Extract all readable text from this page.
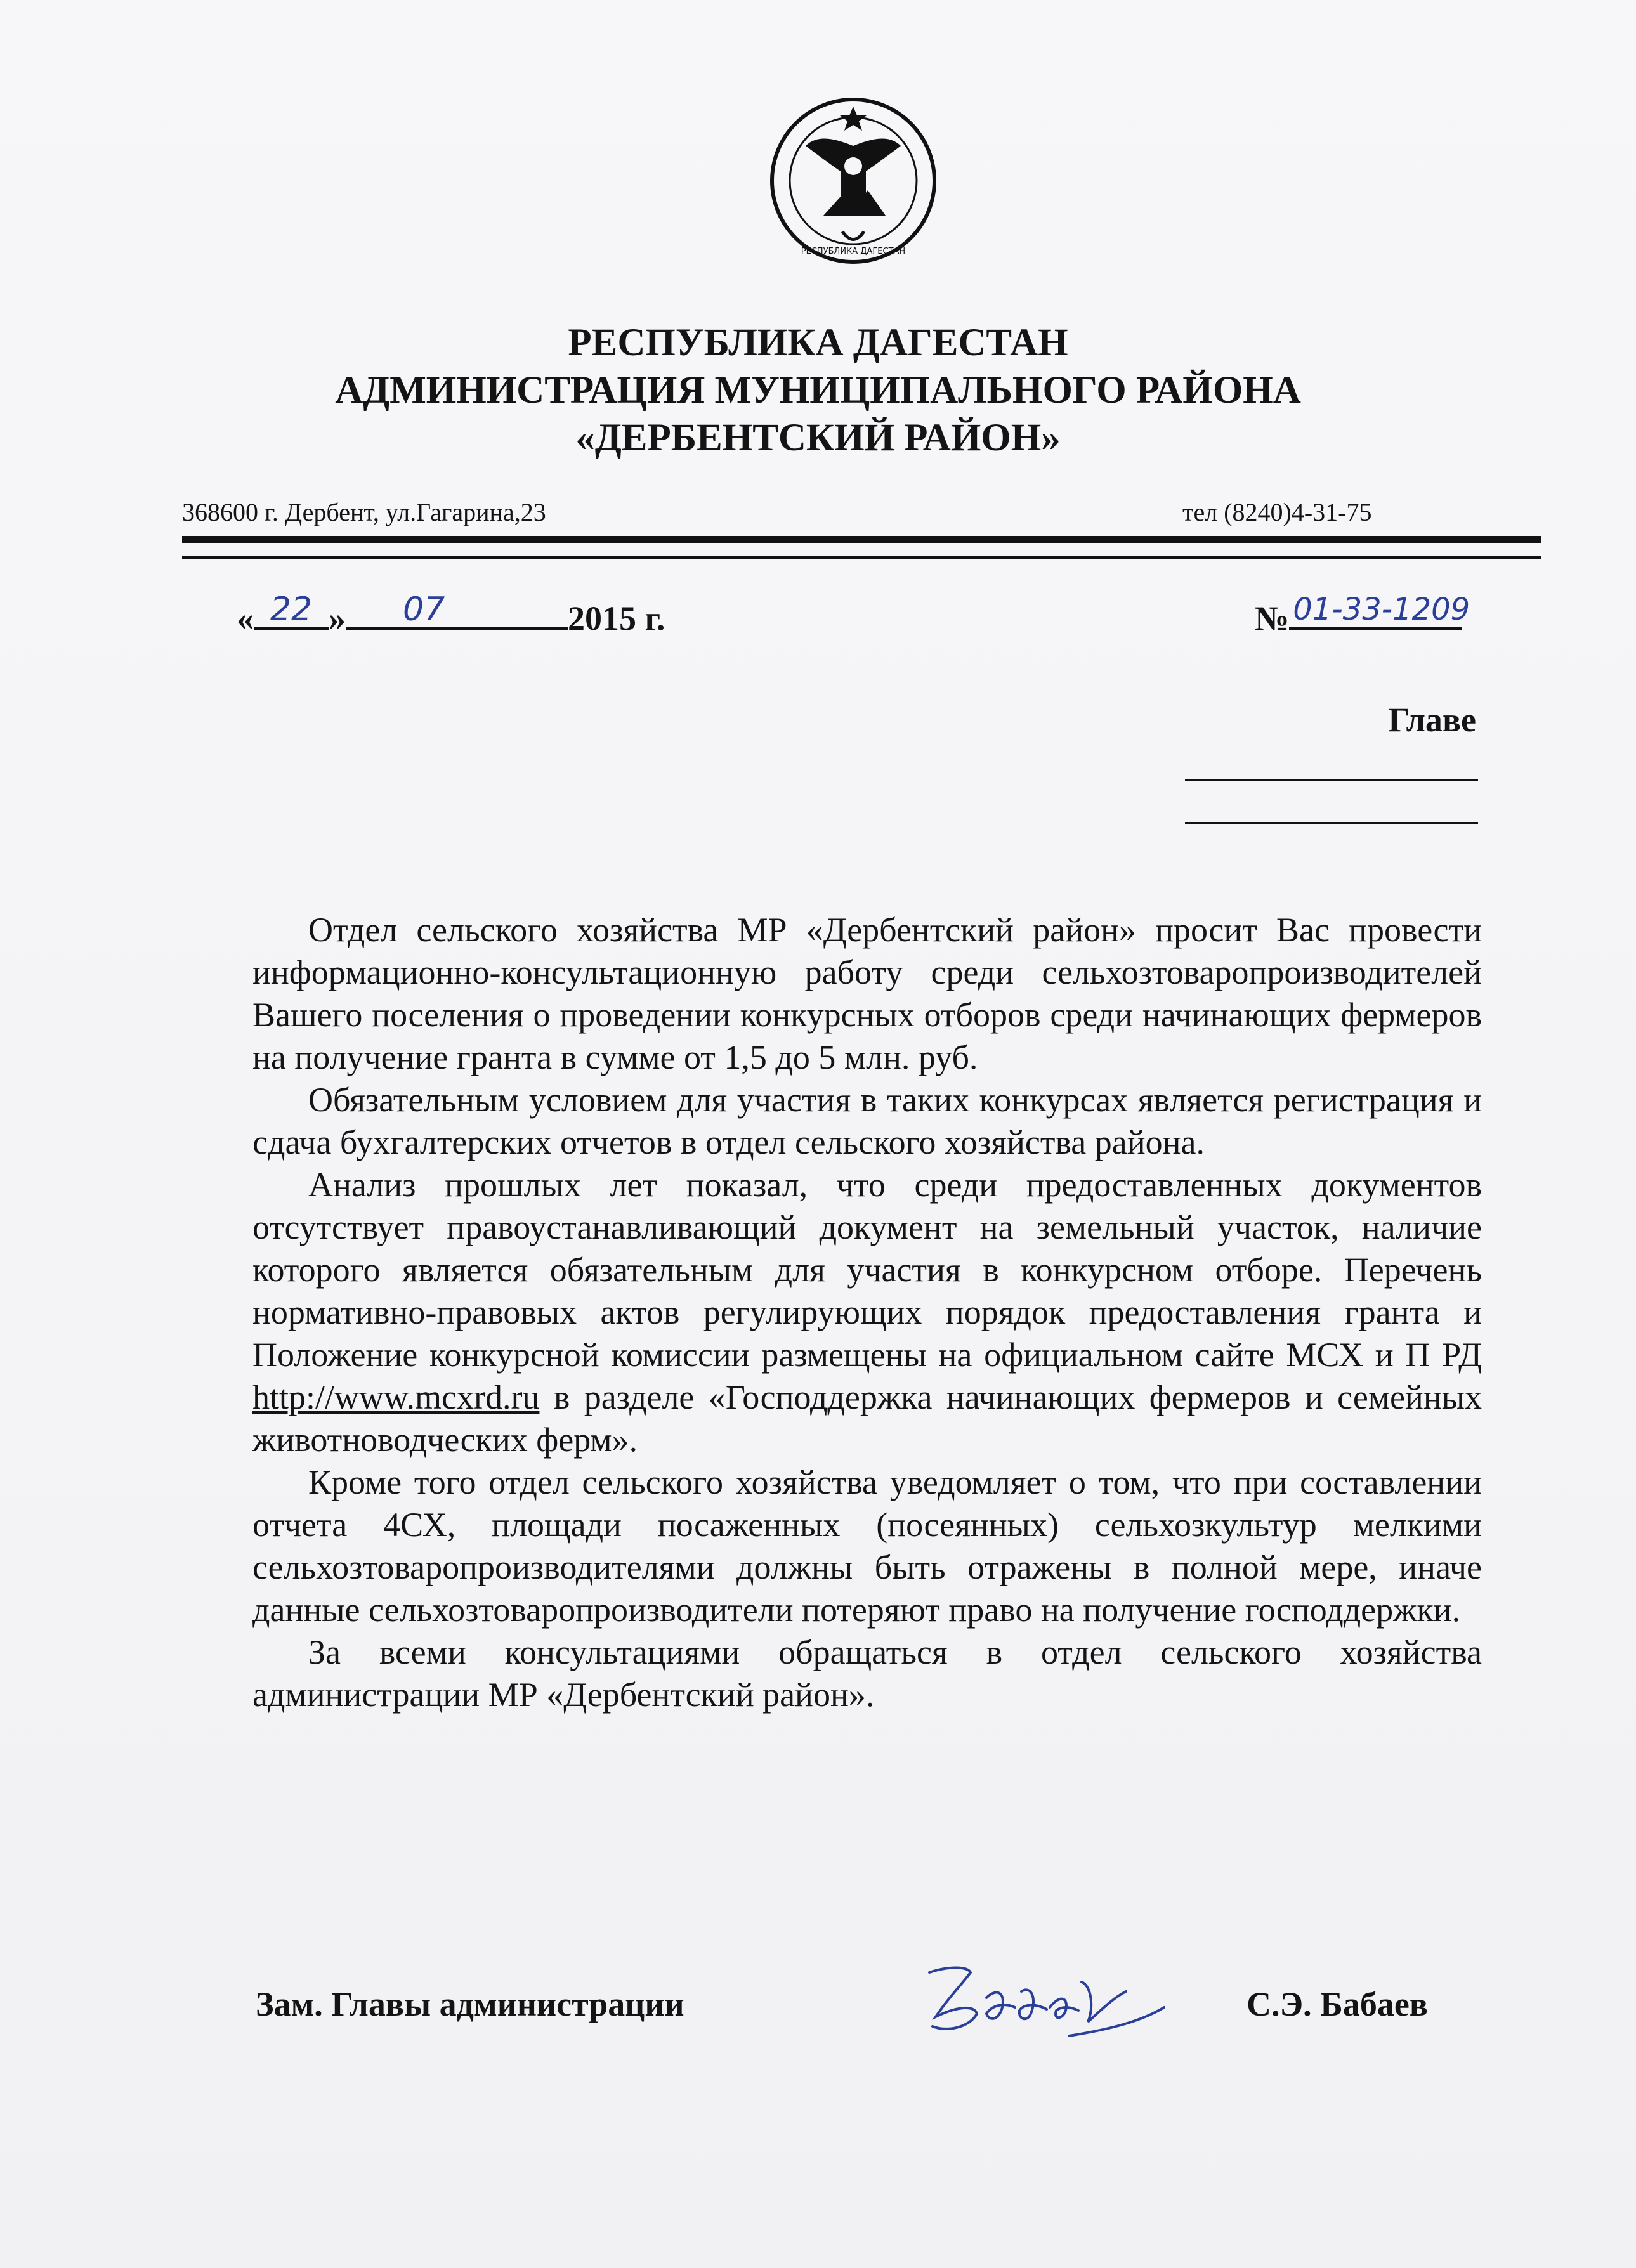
РЕСПУБЛИКА ДАГЕСТАН
РЕСПУБЛИКА ДАГЕСТАН
АДМИНИСТРАЦИЯ МУНИЦИПАЛЬНОГО РАЙОНА
«ДЕРБЕНТСКИЙ РАЙОН»
368600 г. Дербент, ул.Гагарина,23	тел (8240)4-31-75
« 22 »	07	2015 г.	№ 01-33-1209
Главе

Отдел сельского хозяйства МР «Дербентский район» просит Вас провести информационно-консультационную работу среди сельхозтоваропроизводителей Вашего поселения о проведении конкурсных отборов среди начинающих фермеров на получение гранта в сумме от 1,5 до 5 млн. руб.

Обязательным условием для участия в таких конкурсах является регистрация и сдача бухгалтерских отчетов в отдел сельского хозяйства района.

Анализ прошлых лет показал, что среди предоставленных документов отсутствует правоустанавливающий документ на земельный участок, наличие которого является обязательным для участия в конкурсном отборе. Перечень нормативно-правовых актов регулирующих порядок предоставления гранта и Положение конкурсной комиссии размещены на официальном сайте МСХ и П РД http://www.mcxrd.ru в разделе «Господдержка начинающих фермеров и семейных животноводческих ферм».

Кроме того отдел сельского хозяйства уведомляет о том, что при составлении отчета 4СХ, площади посаженных (посеянных) сельхозкультур мелкими сельхозтоваропроизводителями должны быть отражены в полной мере, иначе данные сельхозтоваропроизводители потеряют право на получение господдержки.

За всеми консультациями обращаться в отдел сельского хозяйства администрации МР «Дербентский район».

Зам. Главы администрации
Бабаев
С.Э. Бабаев
